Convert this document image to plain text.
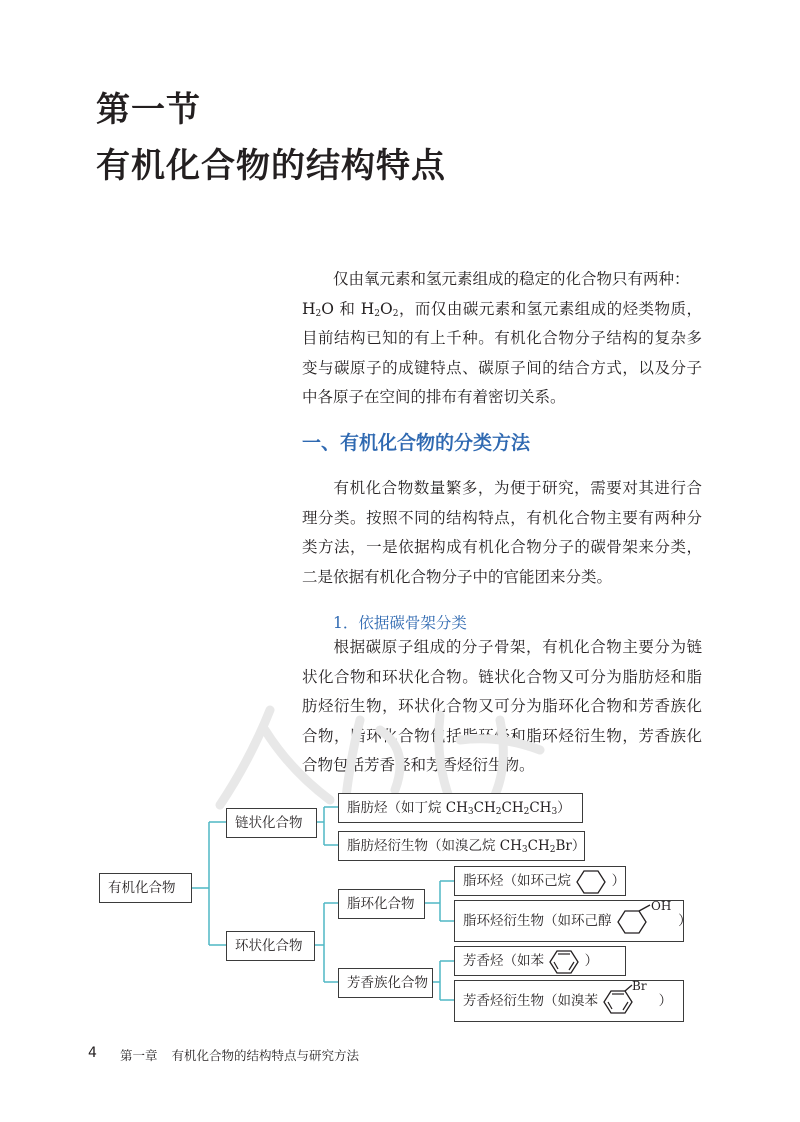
第一节
有机化合物的结构特点
仅由氧元素和氢元素组成的稳定的化合物只有两种：
$H_2O$ 和 $H_2O_2$，而仅由碳元素和氢元素组成的烃类物质，目前结构已知的有上千种。有机化合物分子结构的复杂多变与碳原子的成键特点、碳原子间的结合方式，以及分子中各原子在空间的排布有着密切关系。
一、有机化合物的分类方法
有机化合物数量繁多，为便于研究，需要对其进行合理分类。按照不同的结构特点，有机化合物主要有两种分类方法，一是依据构成有机化合物分子的碳骨架来分类，二是依据有机化合物分子中的官能团来分类。
1．依据碳骨架分类
根据碳原子组成的分子骨架，有机化合物主要分为链状化合物和环状化合物。链状化合物又可分为脂肪烃和脂肪烃衍生物，环状化合物又可分为脂环化合物和芳香族化合物，脂环化合物包括脂环烃和脂环烃衍生物，芳香族化合物包括芳香烃和芳香烃衍生物。
有机化合物
链状化合物
环状化合物
脂肪烃（如丁烷 $CH_3CH_2CH_2CH_3$）
脂肪烃衍生物（如溴乙烷 $CH_3CH_2Br$）
脂环化合物
芳香族化合物
脂环烃（如环己烷	）
脂环烃衍生物（如环己醇
OH
）
芳香烃（如苯	）
芳香烃衍生物（如溴苯
Br
）
4 第一章 有机化合物的结构特点与研究方法
